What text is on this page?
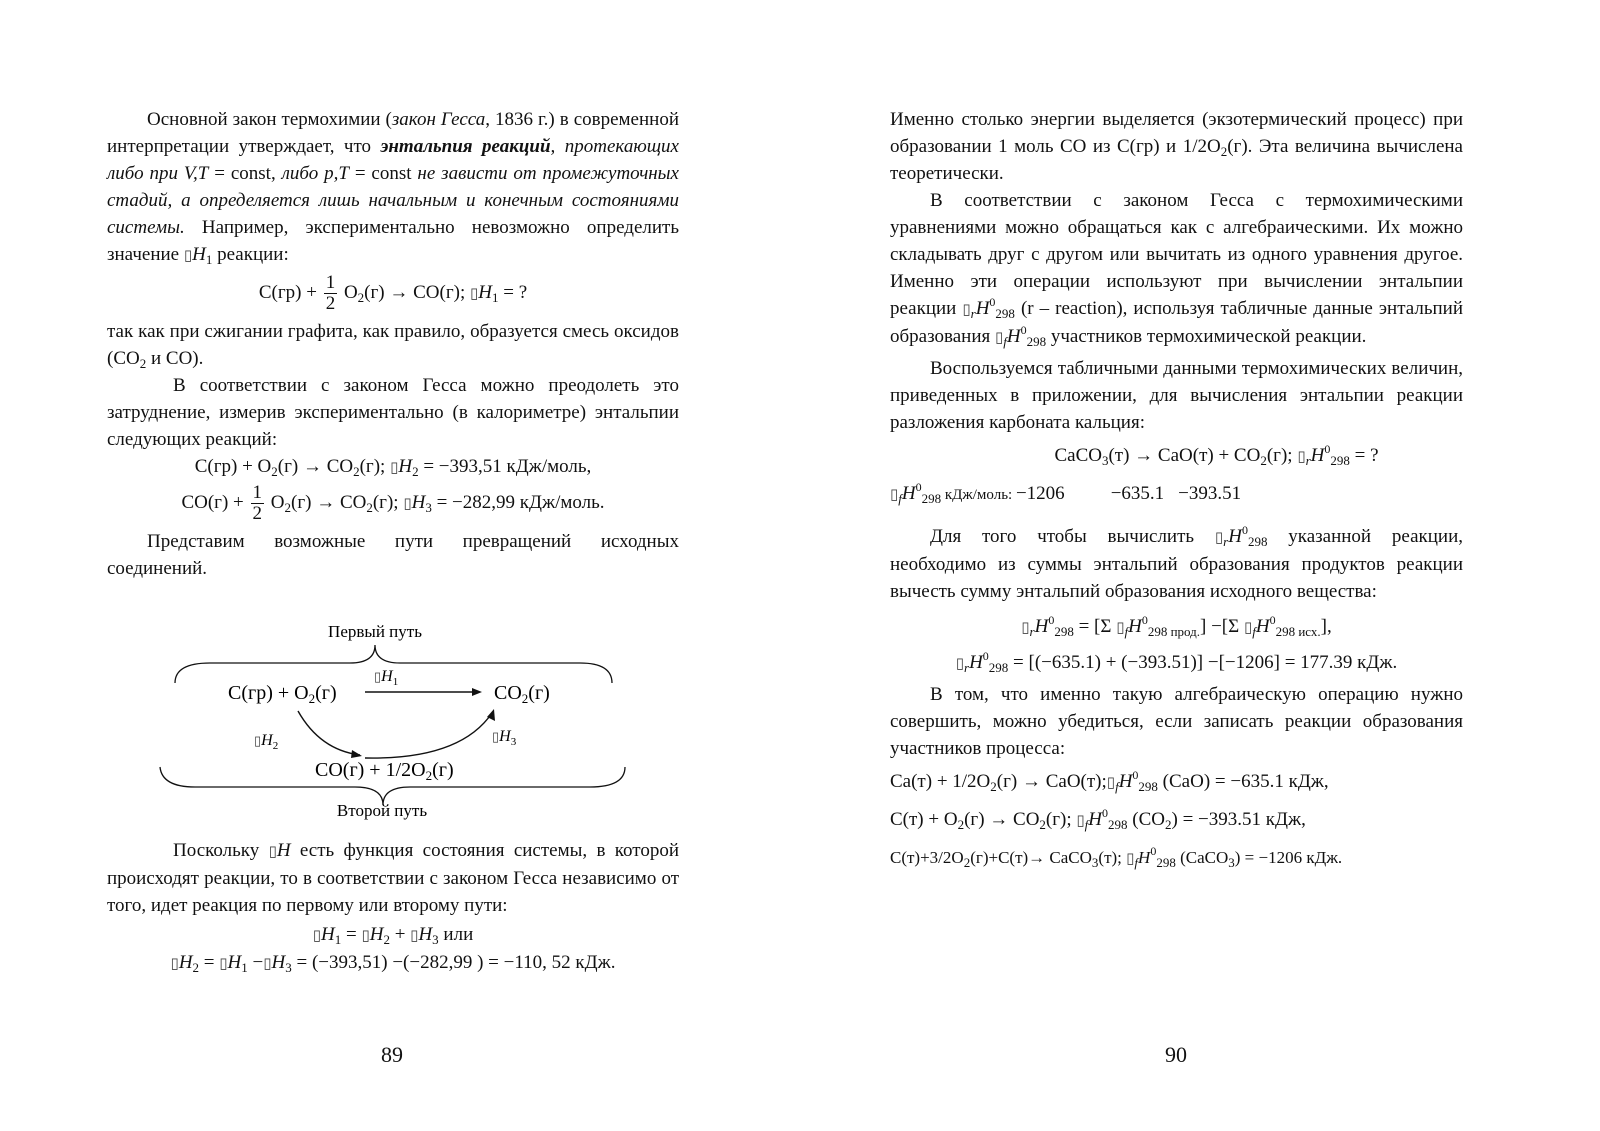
Основной закон термохимии (закон Гесса, 1836 г.) в современной интерпретации утверждает, что энтальпия реакций, протекающих либо при V,T = const, либо p,T = const не зависти от промежуточных стадий, а определяется лишь начальным и конечным состояниями системы. Например, экспериментально невозможно определить значение $▯H_1$ реакции:

$С(гр) + \frac{1}{2} O_2(г) \to CO(г)$; $▯H_1$ = ?

так как при сжигании графита, как правило, образуется смесь оксидов ($CO_2$ и CO).

В соответствии с законом Гесса можно преодолеть это затруднение, измерив экспериментально (в калориметре) энтальпии следующих реакций:

$С(гр) + O_2(г) \to CO_2(г)$; $▯H_2 = -393,51$ кДж/моль,

$CO(г) + \frac{1}{2} O_2(г) \to CO_2(г)$; $▯H_3 = -282,99$ кДж/моль.

Представим возможные пути превращений исходных соединений.

Первый путь
$C(гр) + O_2(г)$
$▯H_1$	$CO_2(г)$
$▯H_2$
$▯H_3$
$CO(г) + 1/2O_2(г)$
Второй путь

Поскольку ▯H есть функция состояния системы, в которой происходят реакции, то в соответствии с законом Гесса независимо от того, идет реакция по первому или второму пути:

$▯H_1$ = $▯H_2$ + $▯H_3$ или

$▯H_2$ = $▯H_1$ $-▯H_3 = (-393,51) -(-282,99$ ) = −110, 52 кДж.

89

Именно столько энергии выделяется (экзотермический процесс) при образовании 1 моль CO из C(гр) и $1/2O_2(г)$. Эта величина вычислена теоретически.

В соответствии с законом Гесса с термохимическими уравнениями можно обращаться как с алгебраическими. Их можно складывать друг с другом или вычитать из одного уравнения другое. Именно эти операции используют при вычислении энтальпии реакции $▯_rH^0_{298}$ (r – reaction), используя табличные данные энтальпий образования $▯_fH^0_{298}$ участников термохимической реакции.

Воспользуемся табличными данными термохимических величин, приведенных в приложении, для вычисления энтальпии реакции разложения карбоната кальция:

CaCO$_3$(т) → $CaO(т) + CO_2(г)$; $▯_rH^0_{298}$ = ?

$▯_fH^0_{298}$ кДж/моль: −1206 −635.1 −393.51

Для того чтобы вычислить $▯_rH^0_{298}$ указанной реакции, необходимо из суммы энтальпий образования продуктов реакции вычесть сумму энтальпий образования исходного вещества:

$▯_rH^0_{298} = [\Sigma$ $▯_fH^0_{298 прод.}] -[\Sigma$ $▯_fH^0_{298 исх.}$],

$▯_rH^0_{298} = [(-635.1) + (-393.51)] -[-1206] = 177.39$ кДж.

В том, что именно такую алгебраическую операцию нужно совершить, можно убедиться, если записать реакции образования участников процесса:

$Ca(т) + 1/2O_2(г)$ → $CaO(т);▯_fH^0_{298}$ (CaO) = −635.1 кДж,

$C(т) + O_2(г) \to CO_2(г)$; $▯_fH^0_{298}$ $(CO_2) = -393.51$ кДж,

$C(т)+3/2O_2(г)+C(т)\to$ CaCO$_3$(т); $▯_fH^0_{298}$ (CaCO$_3$) = −1206 кДж.

90
